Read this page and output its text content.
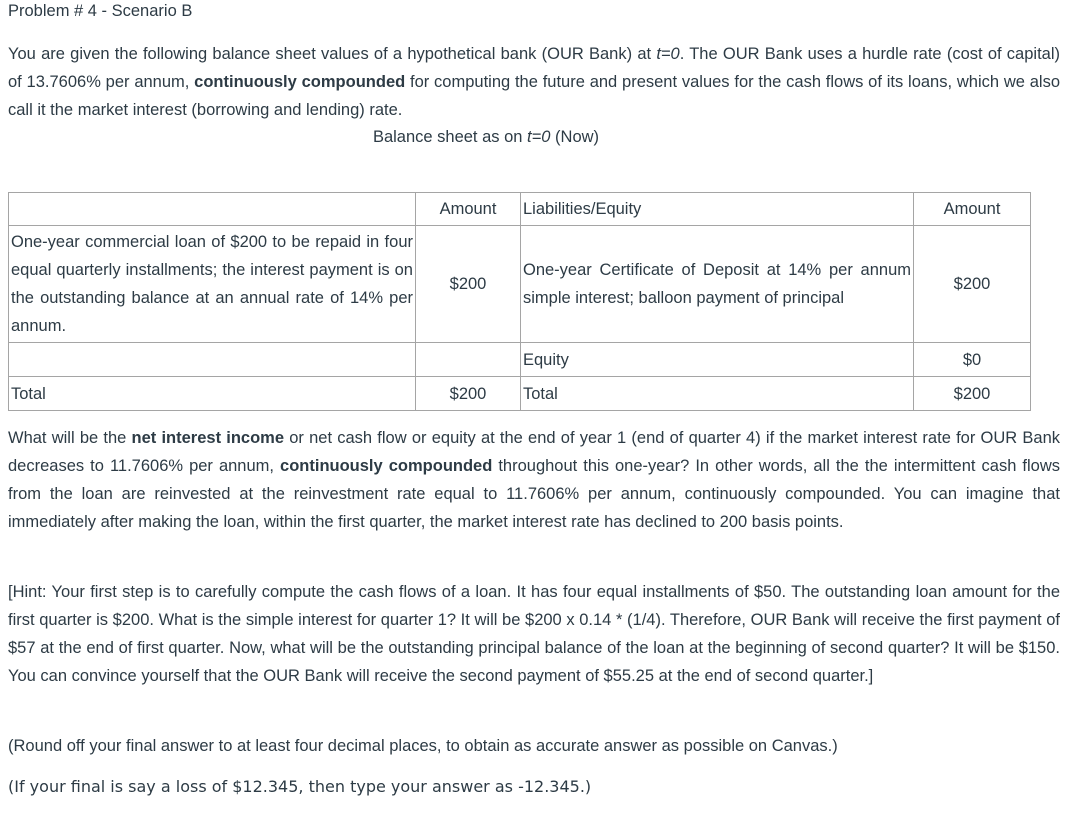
Problem # 4 - Scenario B

You are given the following balance sheet values of a hypothetical bank (OUR Bank) at t=0. The OUR Bank uses a hurdle rate (cost of capital) of 13.7606% per annum, continuously compounded for computing the future and present values for the cash flows of its loans, which we also call it the market interest (borrowing and lending) rate.

Balance sheet as on t=0 (Now)
	Amount	Liabilities/Equity	Amount
One-year commercial loan of $200 to be repaid in four equal quarterly installments; the interest payment is on the outstanding balance at an annual rate of 14% per annum.	$200	One-year Certificate of Deposit at 14% per annum simple interest; balloon payment of principal	$200
		Equity	$0
Total	$200	Total	$200

What will be the net interest income or net cash flow or equity at the end of year 1 (end of quarter 4) if the market interest rate for OUR Bank decreases to 11.7606% per annum, continuously compounded throughout this one-year? In other words, all the the intermittent cash flows from the loan are reinvested at the reinvestment rate equal to 11.7606% per annum, continuously compounded. You can imagine that immediately after making the loan, within the first quarter, the market interest rate has declined to 200 basis points.

[Hint: Your first step is to carefully compute the cash flows of a loan. It has four equal installments of $50. The outstanding loan amount for the first quarter is $200. What is the simple interest for quarter 1? It will be $200 x 0.14 * (1/4). Therefore, OUR Bank will receive the first payment of $57 at the end of first quarter. Now, what will be the outstanding principal balance of the loan at the beginning of second quarter? It will be $150. You can convince yourself that the OUR Bank will receive the second payment of $55.25 at the end of second quarter.]

(Round off your final answer to at least four decimal places, to obtain as accurate answer as possible on Canvas.)

(If your final is say a loss of $12.345, then type your answer as -12.345.)
